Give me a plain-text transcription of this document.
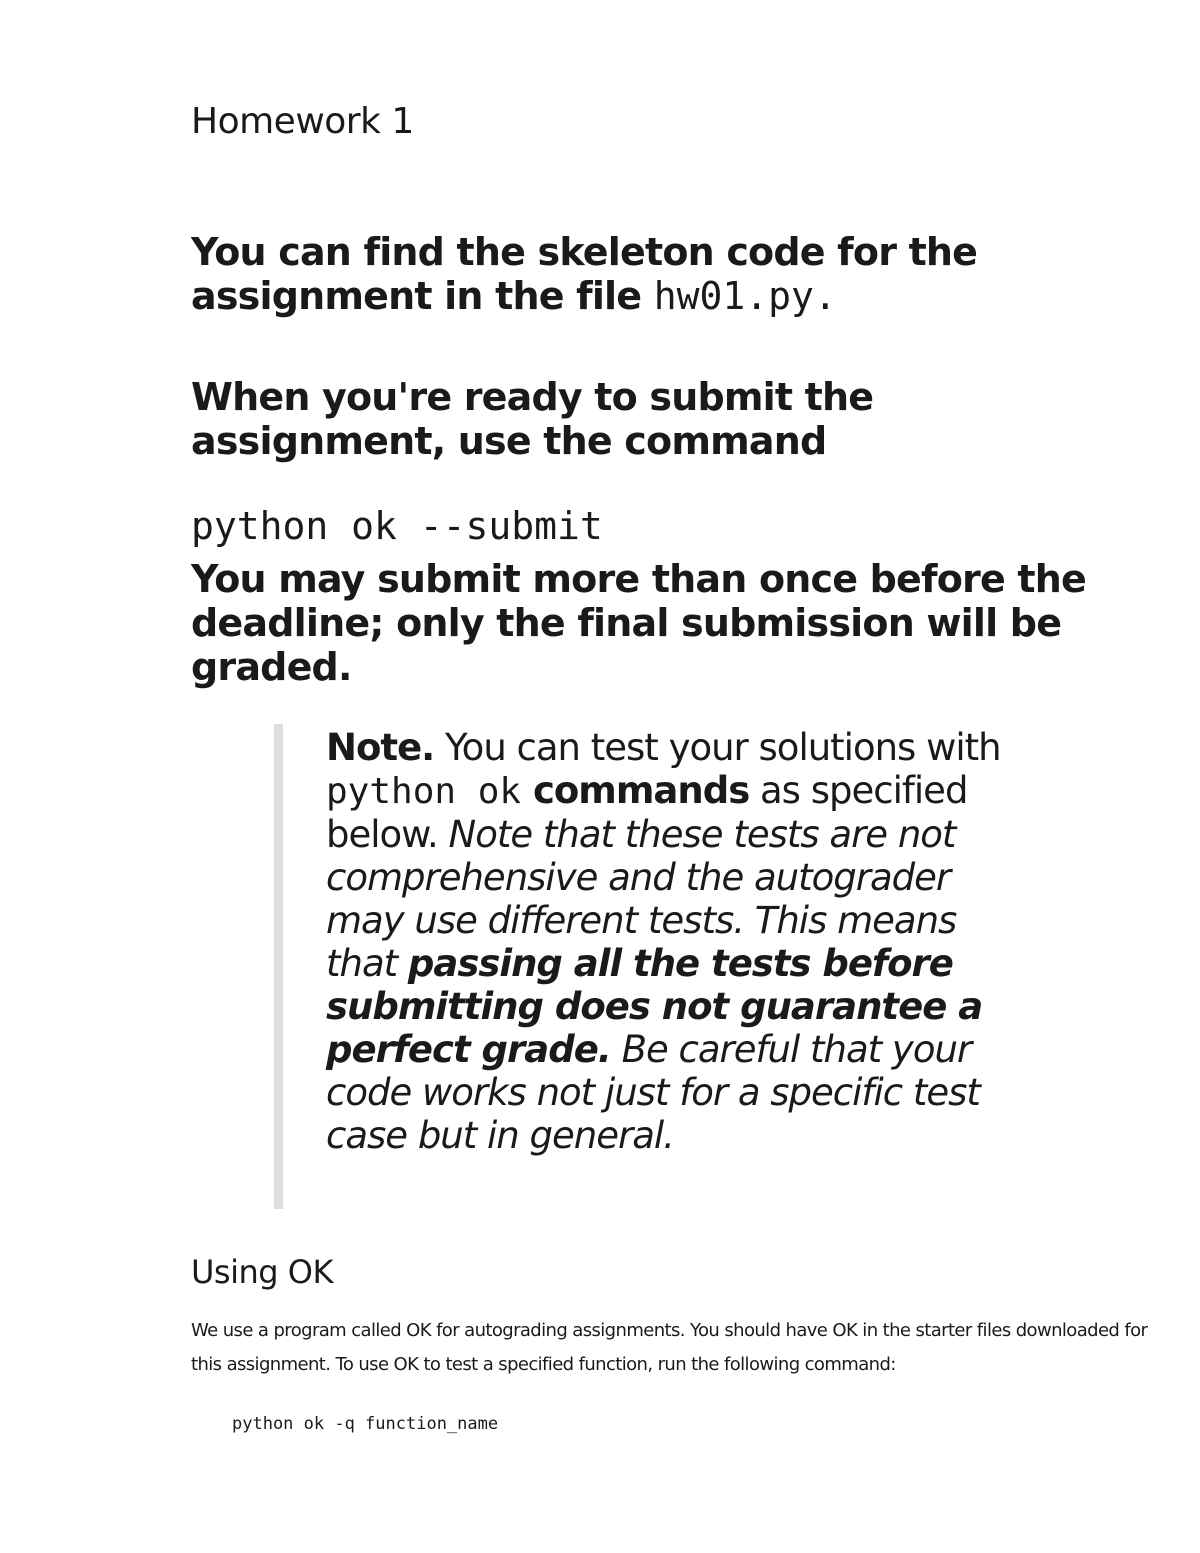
Homework 1

You can find the skeleton code for the assignment in the file hw01.py.

When you're ready to submit the assignment, use the command

python ok --submit

You may submit more than once before the deadline; only the final submission will be graded.

Note. You can test your solutions with python ok commands as specified below. Note that these tests are not comprehensive and the autograder may use different tests. This means that passing all the tests before submitting does not guarantee a perfect grade. Be careful that your code works not just for a specific test case but in general.

Using OK

We use a program called OK for autograding assignments. You should have OK in the starter files downloaded for this assignment. To use OK to test a specified function, run the following command:

python ok -q function_name
